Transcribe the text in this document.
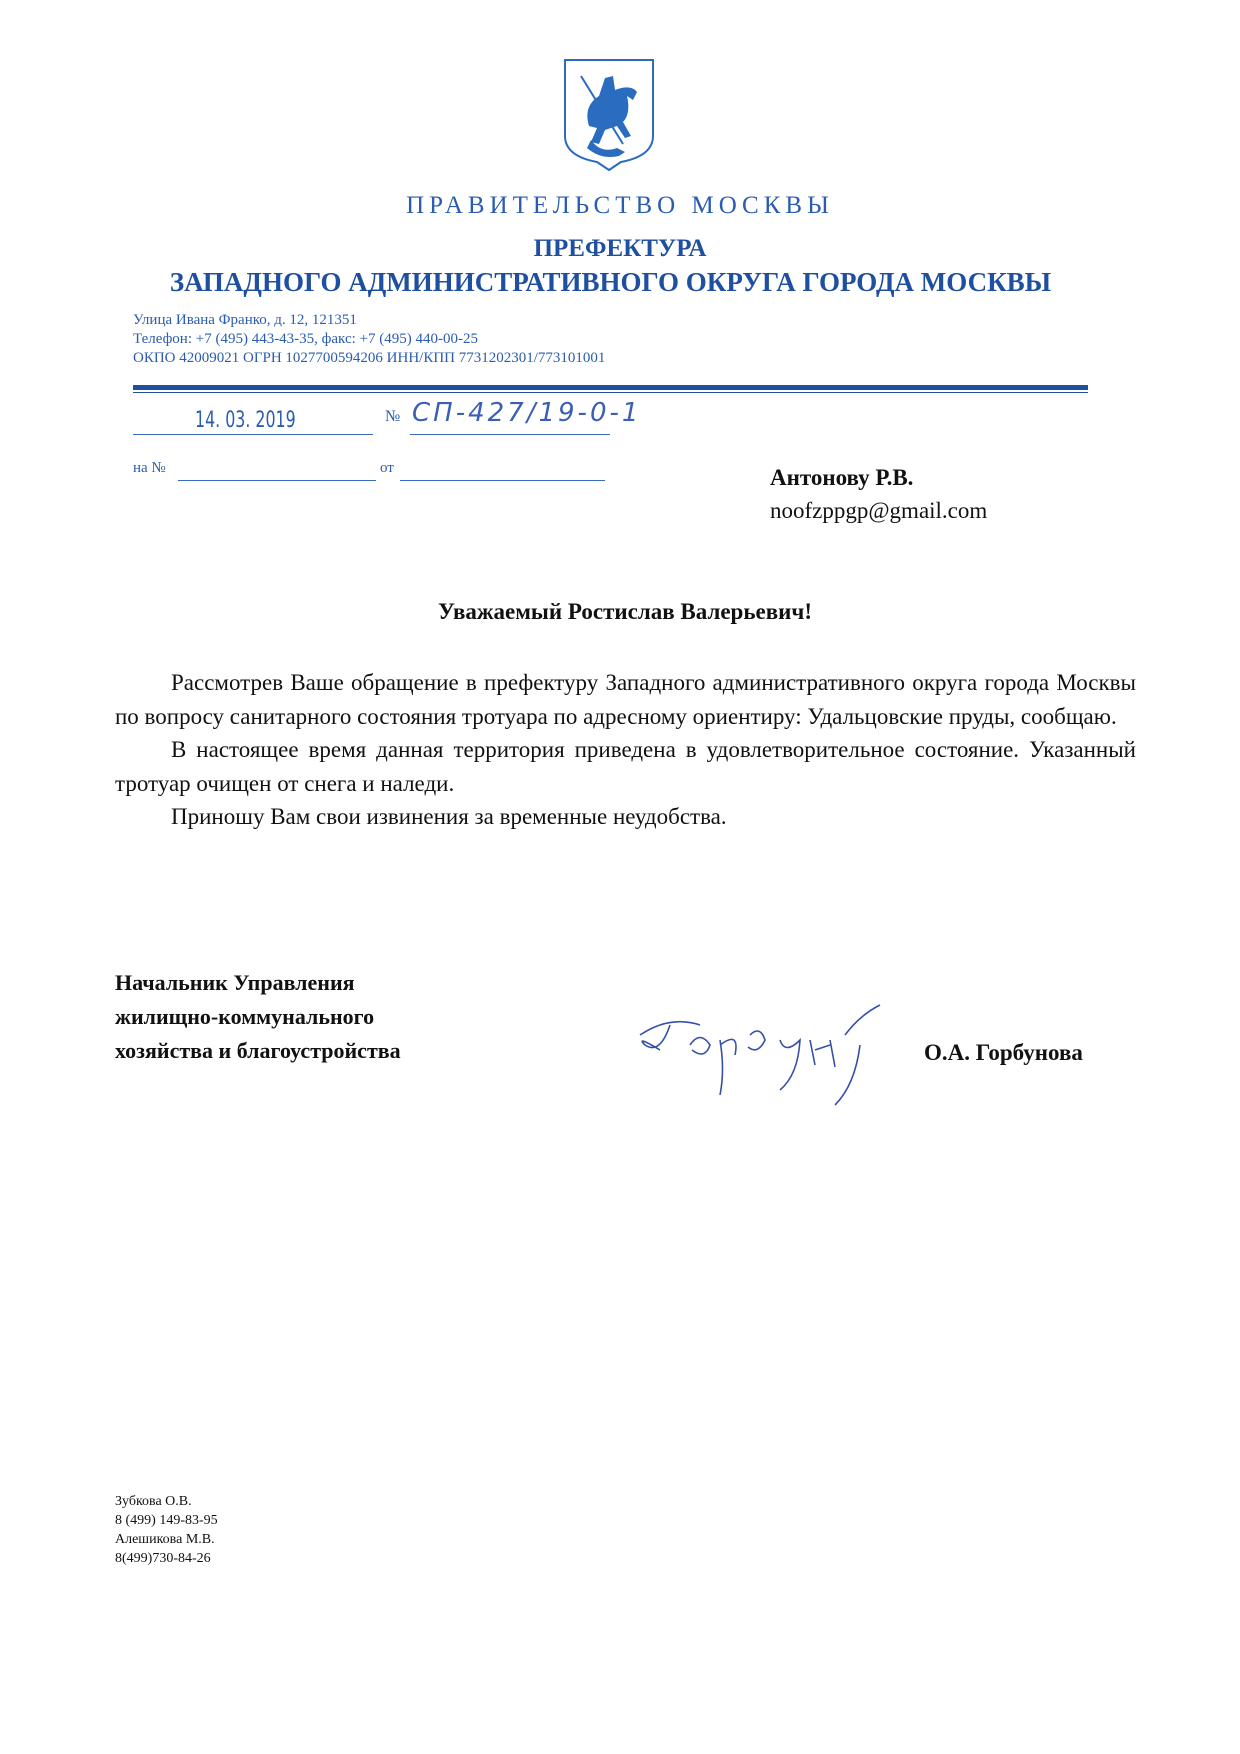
ПРАВИТЕЛЬСТВО МОСКВЫ
ПРЕФЕКТУРА
ЗАПАДНОГО АДМИНИСТРАТИВНОГО ОКРУГА ГОРОДА МОСКВЫ
Улица Ивана Франко, д. 12, 121351
Телефон: +7 (495) 443-43-35, факс: +7 (495) 440-00-25
ОКПО 42009021 ОГРН 1027700594206 ИНН/КПП 7731202301/773101001
14. 03. 2019	№ СП-427/19-0-1
на №	от	Антонову Р.В.
noofzppgp@gmail.com
Уважаемый Ростислав Валерьевич!

Рассмотрев Ваше обращение в префектуру Западного административного округа города Москвы по вопросу санитарного состояния тротуара по адресному ориентиру: Удальцовские пруды, сообщаю.

В настоящее время данная территория приведена в удовлетворительное состояние. Указанный тротуар очищен от снега и наледи.

Приношу Вам свои извинения за временные неудобства.

Начальник Управления
жилищно-коммунального
хозяйства и благоустройства	О.А. Горбунова
Зубкова О.В.
8 (499) 149-83-95
Алешикова М.В.
8(499)730-84-26
